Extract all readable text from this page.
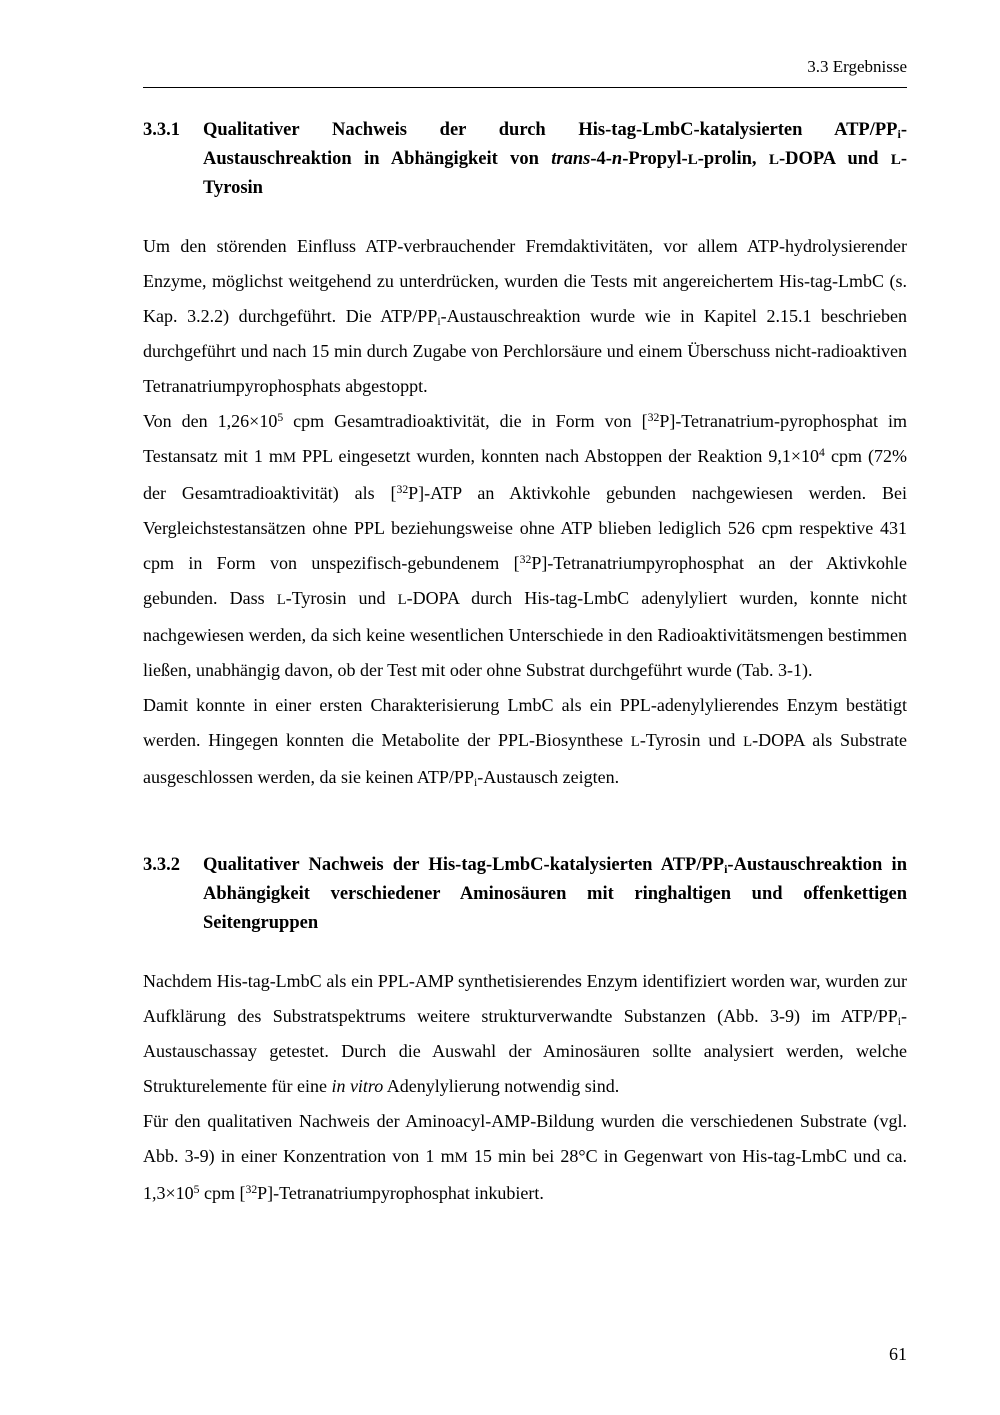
3.3 Ergebnisse
3.3.1	Qualitativer Nachweis der durch His-tag-LmbC-katalysierten ATP/PPi-Austauschreaktion in Abhängigkeit von trans-4-n-Propyl-L-prolin, L-DOPA und L-Tyrosin

Um den störenden Einfluss ATP-verbrauchender Fremdaktivitäten, vor allem ATP-hydrolysierender Enzyme, möglichst weitgehend zu unterdrücken, wurden die Tests mit angereichertem His-tag-LmbC (s. Kap. 3.2.2) durchgeführt. Die ATP/PPi-Austauschreaktion wurde wie in Kapitel 2.15.1 beschrieben durchgeführt und nach 15 min durch Zugabe von Perchlorsäure und einem Überschuss nicht-radioaktiven Tetranatriumpyrophosphats abgestoppt.

Von den $1,26\times 10^5$ cpm Gesamtradioaktivität, die in Form von [$^{32}$P]-Tetranatrium-pyrophosphat im Testansatz mit 1 mM PPL eingesetzt wurden, konnten nach Abstoppen der Reaktion $9,1\times 10^4$ cpm (72% der Gesamtradioaktivität) als [$^{32}$P]-ATP an Aktivkohle gebunden nachgewiesen werden. Bei Vergleichstestansätzen ohne PPL beziehungsweise ohne ATP blieben lediglich 526 cpm respektive 431 cpm in Form von unspezifisch-gebundenem [$^{32}$P]-Tetranatriumpyrophosphat an der Aktivkohle gebunden. Dass L-Tyrosin und L-DOPA durch His-tag-LmbC adenylyliert wurden, konnte nicht nachgewiesen werden, da sich keine wesentlichen Unterschiede in den Radioaktivitätsmengen bestimmen ließen, unabhängig davon, ob der Test mit oder ohne Substrat durchgeführt wurde (Tab. 3-1).

Damit konnte in einer ersten Charakterisierung LmbC als ein PPL-adenylylierendes Enzym bestätigt werden. Hingegen konnten die Metabolite der PPL-Biosynthese L-Tyrosin und L-DOPA als Substrate ausgeschlossen werden, da sie keinen ATP/PPi-Austausch zeigten.

3.3.2	Qualitativer Nachweis der His-tag-LmbC-katalysierten ATP/PPi-Austauschreaktion in Abhängigkeit verschiedener Aminosäuren mit ringhaltigen und offenkettigen Seitengruppen

Nachdem His-tag-LmbC als ein PPL-AMP synthetisierendes Enzym identifiziert worden war, wurden zur Aufklärung des Substratspektrums weitere strukturverwandte Substanzen (Abb. 3-9) im ATP/PPi-Austauschassay getestet. Durch die Auswahl der Aminosäuren sollte analysiert werden, welche Strukturelemente für eine in vitro Adenylylierung notwendig sind.

Für den qualitativen Nachweis der Aminoacyl-AMP-Bildung wurden die verschiedenen Substrate (vgl. Abb. 3-9) in einer Konzentration von 1 mM 15 min bei 28°C in Gegenwart von His-tag-LmbC und ca. $1,3\times 10^5$ cpm [$^{32}$P]-Tetranatriumpyrophosphat inkubiert.

61
